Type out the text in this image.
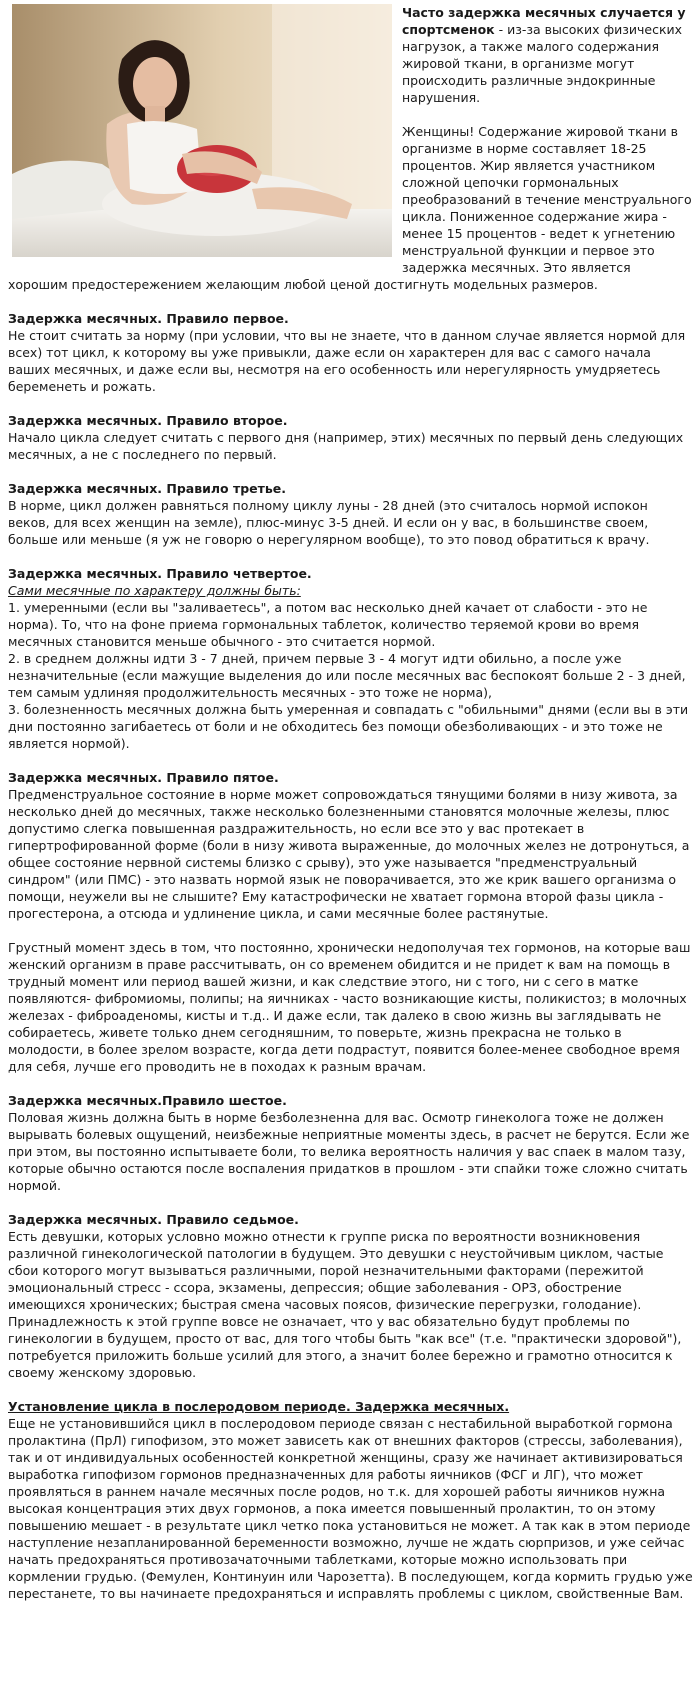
Часто задержка месячных случается у спортсменок - из-за высоких физических нагрузок, а также малого содержания жировой ткани, в организме могут происходить различные эндокринные нарушения.

Женщины! Содержание жировой ткани в организме в норме составляет 18-25 процентов. Жир является участником сложной цепочки гормональных преобразований в течение менструального цикла. Пониженное содержание жира - менее 15 процентов - ведет к угнетению менструальной функции и первое это задержка месячных. Это является хорошим предостережением желающим любой ценой достигнуть модельных размеров.

Задержка месячных. Правило первое.
Не стоит считать за норму (при условии, что вы не знаете, что в данном случае является нормой для всех) тот цикл, к которому вы уже привыкли, даже если он характерен для вас с самого начала ваших месячных, и даже если вы, несмотря на его особенность или нерегулярность умудряетесь беременеть и рожать.

Задержка месячных. Правило второе.
Начало цикла следует считать с первого дня (например, этих) месячных по первый день следующих месячных, а не с последнего по первый.

Задержка месячных. Правило третье.
В норме, цикл должен равняться полному циклу луны - 28 дней (это считалось нормой испокон веков, для всех женщин на земле), плюс-минус 3-5 дней. И если он у вас, в большинстве своем, больше или меньше (я уж не говорю о нерегулярном вообще), то это повод обратиться к врачу.

Задержка месячных. Правило четвертое.
Сами месячные по характеру должны быть:
1. умеренными (если вы "заливаетесь", а потом вас несколько дней качает от слабости - это не норма). То, что на фоне приема гормональных таблеток, количество теряемой крови во время месячных становится меньше обычного - это считается нормой.
2. в среднем должны идти 3 - 7 дней, причем первые 3 - 4 могут идти обильно, а после уже незначительные (если мажущие выделения до или после месячных вас беспокоят больше 2 - 3 дней, тем самым удлиняя продолжительность месячных - это тоже не норма),
3. болезненность месячных должна быть умеренная и совпадать с "обильными" днями (если вы в эти дни постоянно загибаетесь от боли и не обходитесь без помощи обезболивающих - и это тоже не является нормой).

Задержка месячных. Правило пятое.
Предменструальное состояние в норме может сопровождаться тянущими болями в низу живота, за несколько дней до месячных, также несколько болезненными становятся молочные железы, плюс допустимо слегка повышенная раздражительность, но если все это у вас протекает в гипертрофированной форме (боли в низу живота выраженные, до молочных желез не дотронуться, а общее состояние нервной системы близко с срыву), это уже называется "предменструальный синдром" (или ПМС) - это назвать нормой язык не поворачивается, это же крик вашего организма о помощи, неужели вы не слышите? Ему катастрофически не хватает гормона второй фазы цикла - прогестерона, а отсюда и удлинение цикла, и сами месячные более растянутые.

Грустный момент здесь в том, что постоянно, хронически недополучая тех гормонов, на которые ваш женский организм в праве рассчитывать, он со временем обидится и не придет к вам на помощь в трудный момент или период вашей жизни, и как следствие этого, ни с того, ни с сего в матке появляются- фибромиомы, полипы; на яичниках - часто возникающие кисты, поликистоз; в молочных железах - фиброаденомы, кисты и т.д.. И даже если, так далеко в свою жизнь вы заглядывать не собираетесь, живете только днем сегодняшним, то поверьте, жизнь прекрасна не только в молодости, в более зрелом возрасте, когда дети подрастут, появится более-менее свободное время для себя, лучше его проводить не в походах к разным врачам.

Задержка месячных.Правило шестое.
Половая жизнь должна быть в норме безболезненна для вас. Осмотр гинеколога тоже не должен вырывать болевых ощущений, неизбежные неприятные моменты здесь, в расчет не берутся. Если же при этом, вы постоянно испытываете боли, то велика вероятность наличия у вас спаек в малом тазу, которые обычно остаются после воспаления придатков в прошлом - эти спайки тоже сложно считать нормой.

Задержка месячных. Правило седьмое.
Есть девушки, которых условно можно отнести к группе риска по вероятности возникновения различной гинекологической патологии в будущем. Это девушки с неустойчивым циклом, частые сбои которого могут вызываться различными, порой незначительными факторами (пережитой эмоциональный стресс - ссора, экзамены, депрессия; общие заболевания - ОРЗ, обострение имеющихся хронических; быстрая смена часовых поясов, физические перегрузки, голодание). Принадлежность к этой группе вовсе не означает, что у вас обязательно будут проблемы по гинекологии в будущем, просто от вас, для того чтобы быть "как все" (т.е. "практически здоровой"), потребуется приложить больше усилий для этого, а значит более бережно и грамотно относится к своему женскому здоровью.

Установление цикла в послеродовом периоде. Задержка месячных.
Еще не установившийся цикл в послеродовом периоде связан с нестабильной выработкой гормона пролактина (ПрЛ) гипофизом, это может зависеть как от внешних факторов (стрессы, заболевания), так и от индивидуальных особенностей конкретной женщины, сразу же начинает активизироваться выработка гипофизом гормонов предназначенных для работы яичников (ФСГ и ЛГ), что может проявляться в раннем начале месячных после родов, но т.к. для хорошей работы яичников нужна высокая концентрация этих двух гормонов, а пока имеется повышенный пролактин, то он этому повышению мешает - в результате цикл четко пока установиться не может. А так как в этом периоде наступление незапланированной беременности возможно, лучше не ждать сюрпризов, и уже сейчас начать предохраняться противозачаточными таблетками, которые можно использовать при кормлении грудью. (Фемулен, Континуин или Чарозетта). В последующем, когда кормить грудью уже перестанете, то вы начинаете предохраняться и исправлять проблемы с циклом, свойственные Вам.
